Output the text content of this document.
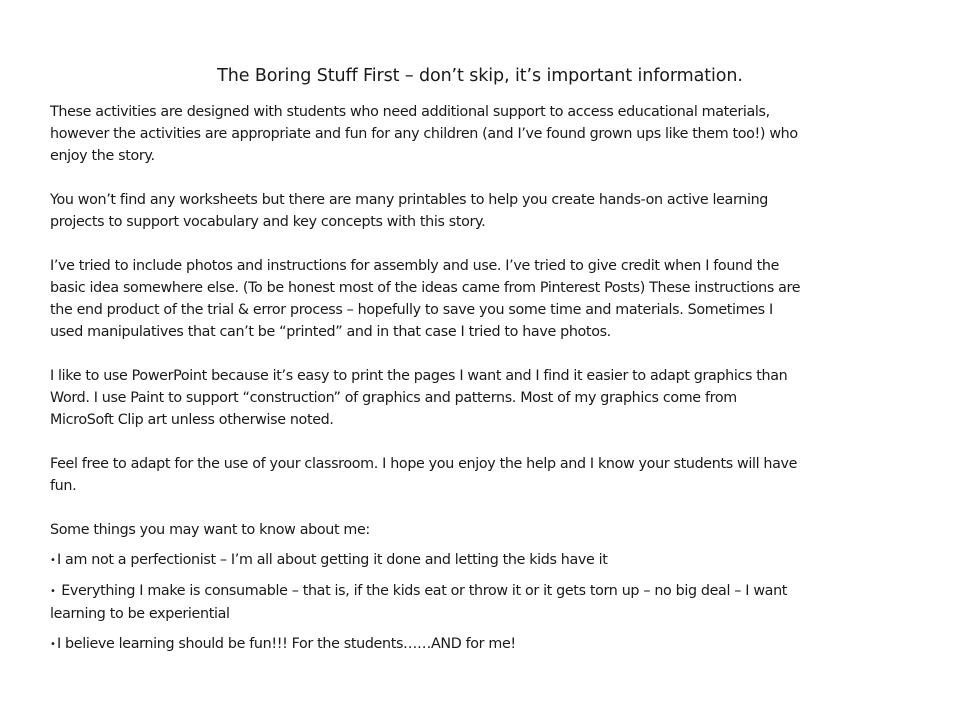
The Boring Stuff First – don’t skip, it’s important information.

These activities are designed with students who need additional support to access educational materials,
however the activities are appropriate and fun for any children (and I’ve found grown ups like them too!) who
enjoy the story.

You won’t find any worksheets but there are many printables to help you create hands-on active learning
projects to support vocabulary and key concepts with this story.

I’ve tried to include photos and instructions for assembly and use. I’ve tried to give credit when I found the
basic idea somewhere else. (To be honest most of the ideas came from Pinterest Posts) These instructions are
the end product of the trial & error process – hopefully to save you some time and materials. Sometimes I
used manipulatives that can’t be “printed” and in that case I tried to have photos.

I like to use PowerPoint because it’s easy to print the pages I want and I find it easier to adapt graphics than
Word. I use Paint to support “construction” of graphics and patterns. Most of my graphics come from
MicroSoft Clip art unless otherwise noted.

Feel free to adapt for the use of your classroom. I hope you enjoy the help and I know your students will have
fun.

Some things you may want to know about me:

•I am not a perfectionist – I’m all about getting it done and letting the kids have it

• Everything I make is consumable – that is, if the kids eat or throw it or it gets torn up – no big deal – I want
learning to be experiential

•I believe learning should be fun!!! For the students……AND for me!
